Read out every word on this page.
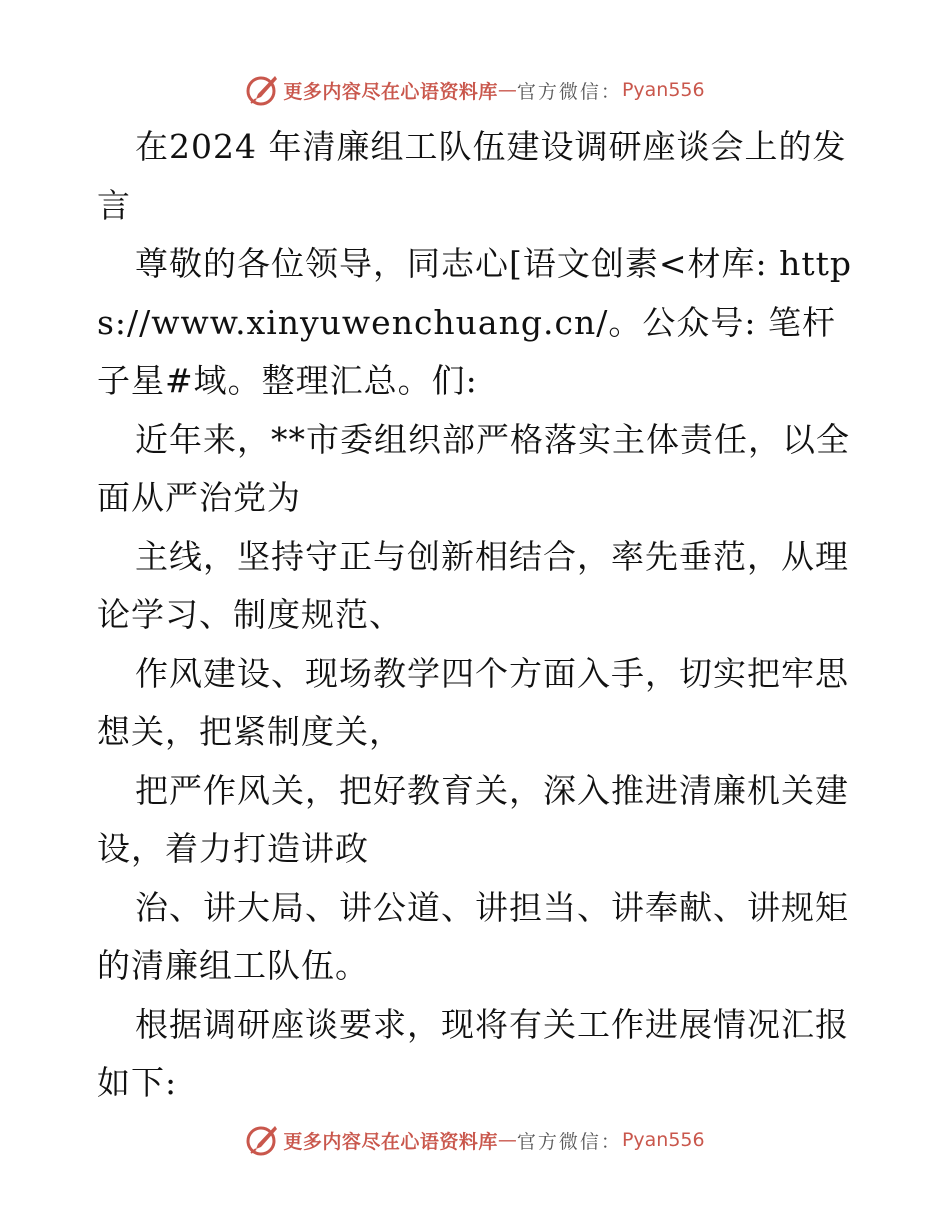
更多内容尽在心语资料库 — 官方微信： Pyan556

在2024 年清廉组工队伍建设调研座谈会上的发言

尊敬的各位领导，同志心[语文创素<材库: https://www.xinyuwenchuang.cn/。公众号: 笔杆子星#域。整理汇总。们:

近年来，**市委组织部严格落实主体责任，以全面从严治党为

主线，坚持守正与创新相结合，率先垂范，从理论学习、制度规范、

作风建设、现场教学四个方面入手，切实把牢思想关，把紧制度关，

把严作风关，把好教育关，深入推进清廉机关建设，着力打造讲政

治、讲大局、讲公道、讲担当、讲奉献、讲规矩的清廉组工队伍。

根据调研座谈要求，现将有关工作进展情况汇报如下:

更多内容尽在心语资料库 — 官方微信： Pyan556
